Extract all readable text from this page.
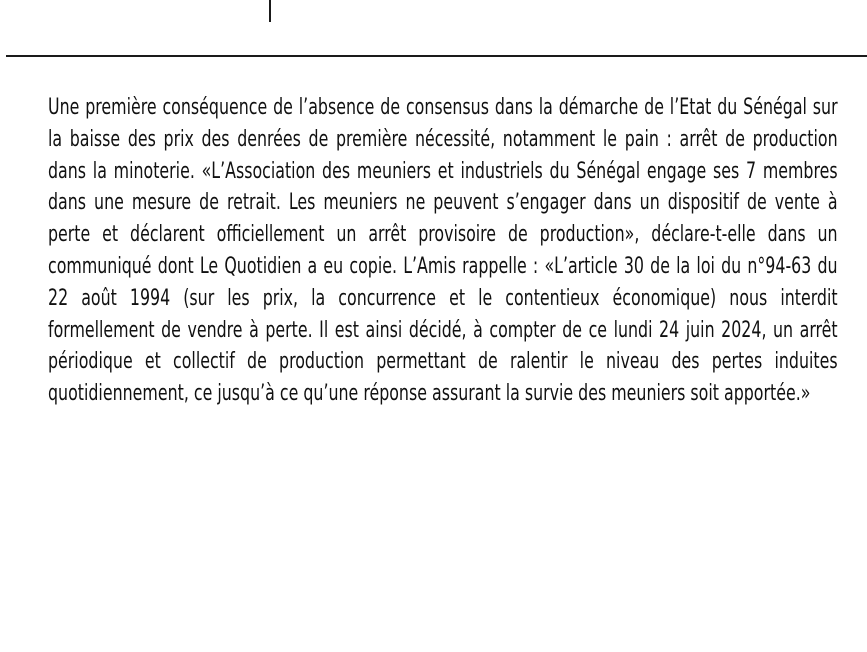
Une première conséquence de l’absence de consensus dans la démarche de l’Etat du Sénégal sur la baisse des prix des denrées de première nécessité, notamment le pain : arrêt de production dans la minoterie. «L’Association des meuniers et industriels du Sénégal engage ses 7 membres dans une mesure de retrait. Les meuniers ne peuvent s’engager dans un dispositif de vente à perte et déclarent officiellement un arrêt provisoire de production», déclare-t-elle dans un communiqué dont Le Quotidien a eu copie. L’Amis rappelle : «L’article 30 de la loi du n°94-63 du 22 août 1994 (sur les prix, la concurrence et le contentieux économique) nous interdit formellement de vendre à perte. Il est ainsi décidé, à compter de ce lundi 24 juin 2024, un arrêt périodique et collectif de production permettant de ralentir le niveau des pertes induites quotidiennement, ce jusqu’à ce qu’une réponse assurant la survie des meuniers soit apportée.»
